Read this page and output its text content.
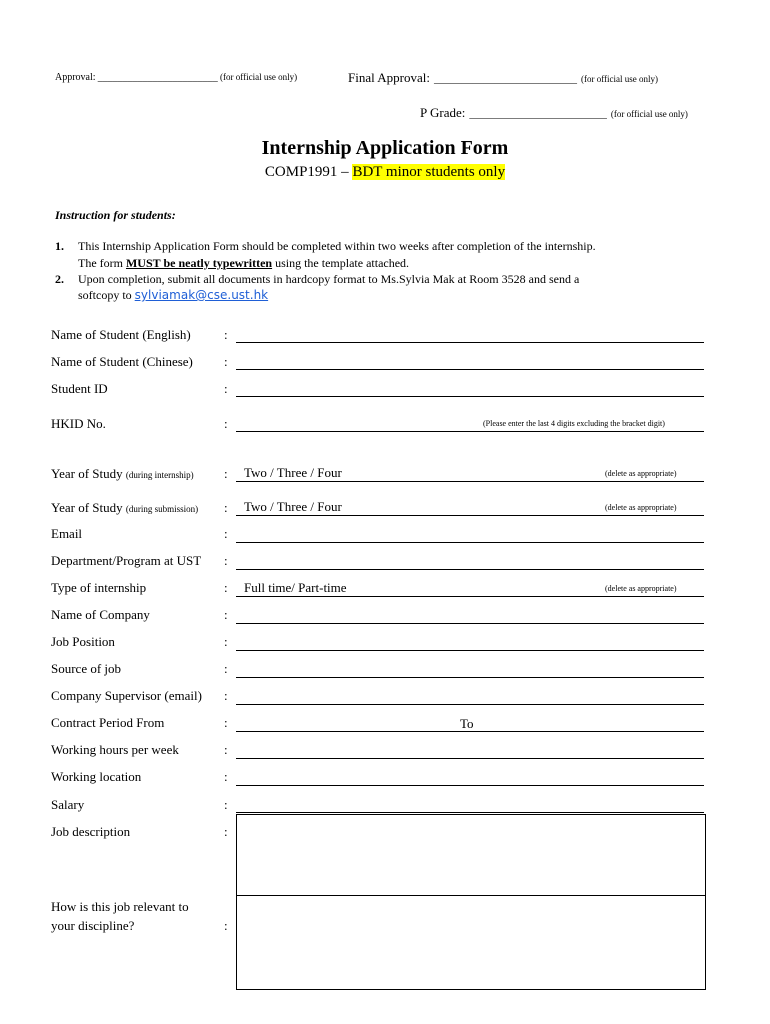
Approval: ________________________ (for official use only)	Final Approval: __________________________ (for official use only)
P Grade: _________________________ (for official use only)
Internship Application Form
COMP1991 – BDT minor students only
Instruction for students:
1. This Internship Application Form should be completed within two weeks after completion of the internship.
The form MUST be neatly typewritten using the template attached.
2. Upon completion, submit all documents in hardcopy format to Ms.Sylvia Mak at Room 3528 and send a
softcopy to sylviamak@cse.ust.hk
Name of Student (English)	:
Name of Student (Chinese) :
Student ID	:
HKID No.	:	(Please enter the last 4 digits excluding the bracket digit)
Year of Study (during internship) : Two / Three / Four	(delete as appropriate)
Year of Study (during submission) : Two / Three / Four	(delete as appropriate)
Email	:
Department/Program at UST :
Type of internship	: Full time/ Part-time	(delete as appropriate)
Name of Company	:
Job Position	:
Source of job	:
Company Supervisor (email) :
Contract Period From	:	To
Working hours per week	:
Working location	:
Salary	:
Job description	:
How is this job relevant to
your discipline?	:
